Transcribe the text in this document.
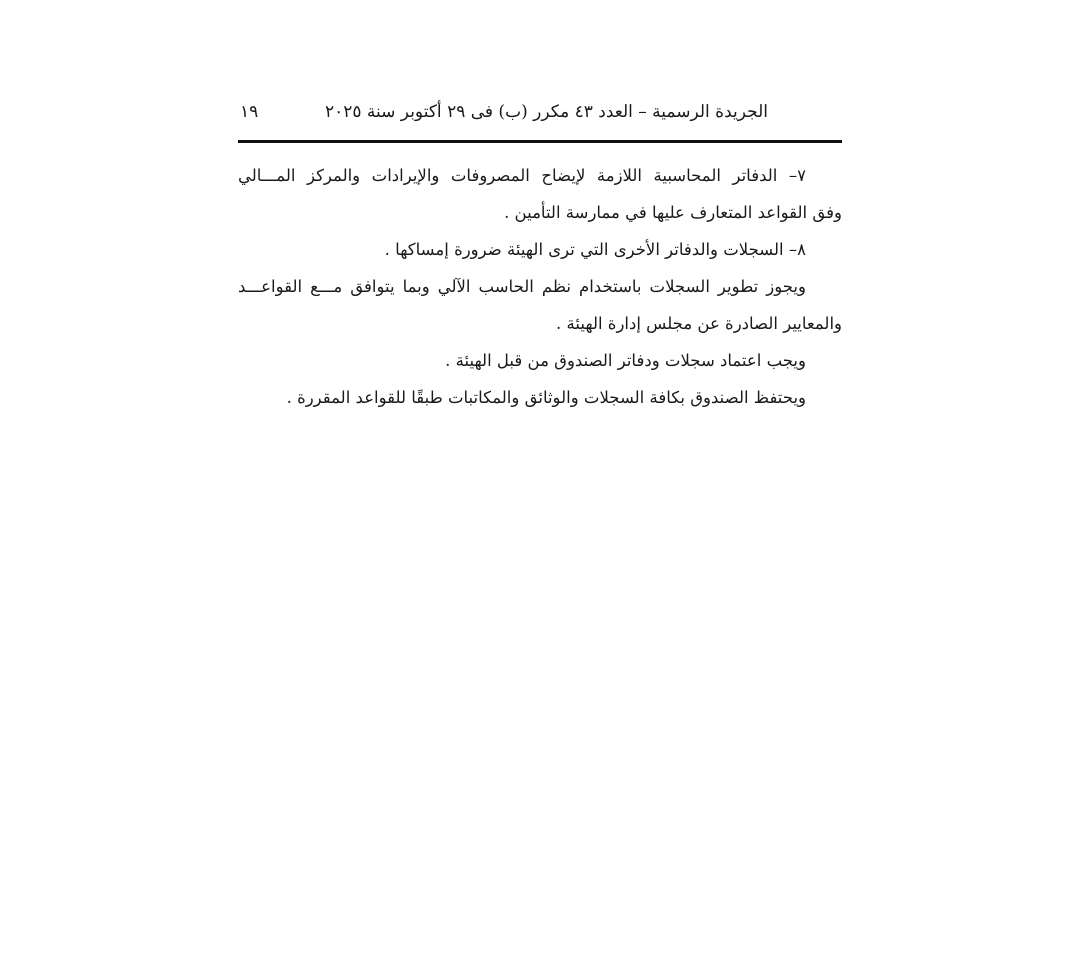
الجريدة الرسمية – العدد ٤٣ مكرر (ب) فى ٢٩ أكتوبر سنة ٢٠٢٥
١٩
٧– الدفاتر المحاسبية اللازمة لإيضاح المصروفات والإيرادات والمركز المـــالي
وفق القواعد المتعارف عليها في ممارسة التأمين .
٨– السجلات والدفاتر الأخرى التي ترى الهيئة ضرورة إمساكها .
ويجوز تطوير السجلات باستخدام نظم الحاسب الآلي وبما يتوافق مـــع القواعـــد
والمعايير الصادرة عن مجلس إدارة الهيئة .
ويجب اعتماد سجلات ودفاتر الصندوق من قبل الهيئة .
ويحتفظ الصندوق بكافة السجلات والوثائق والمكاتبات طبقًا للقواعد المقررة .
